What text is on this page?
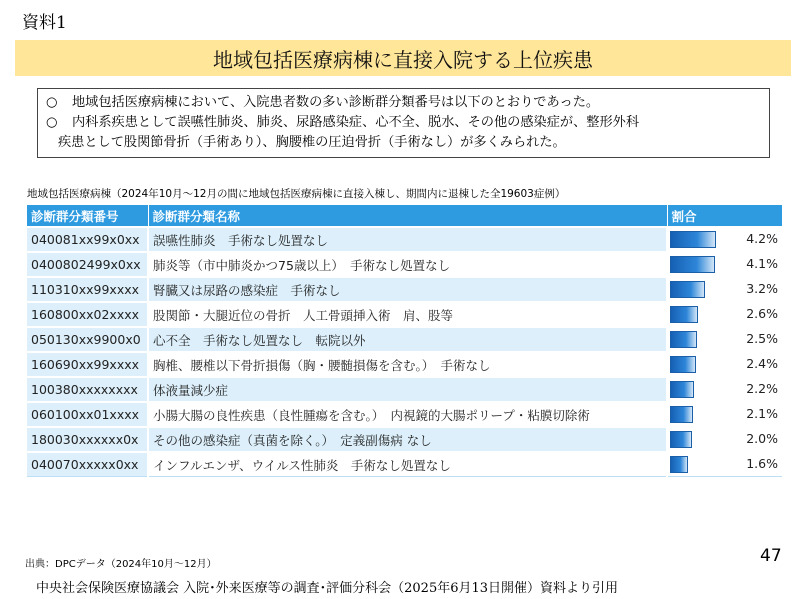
資料1
地域包括医療病棟に直接入院する上位疾患
○	地域包括医療病棟において、入院患者数の多い診断群分類番号は以下のとおりであった。
○	内科系疾患として誤嚥性肺炎、肺炎、尿路感染症、心不全、脱水、その他の感染症が、整形外科
疾患として股関節骨折（手術あり）、胸腰椎の圧迫骨折（手術なし）が多くみられた。
地域包括医療病棟（2024年10月～12月の間に地域包括医療病棟に直接入棟し、期間内に退棟した全19603症例）
診断群分類番号	診断群分類名称	割合
040081xx99x0xx	誤嚥性肺炎　手術なし処置なし	4.2%

0400802499x0xx	肺炎等（市中肺炎かつ75歳以上）　手術なし処置なし	4.1%

110310xx99xxxx	腎臓又は尿路の感染症　手術なし	3.2%

160800xx02xxxx	股関節・大腿近位の骨折　人工骨頭挿入術　肩、股等	2.6%

050130xx9900x0	心不全　手術なし処置なし　転院以外	2.5%

160690xx99xxxx	胸椎、腰椎以下骨折損傷（胸・腰髄損傷を含む。）　手術なし	2.4%

100380xxxxxxxx	体液量減少症	2.2%

060100xx01xxxx	小腸大腸の良性疾患（良性腫瘍を含む。）　内視鏡的大腸ポリープ・粘膜切除術	2.1%

180030xxxxxx0x	その他の感染症（真菌を除く。）　定義副傷病 なし	2.0%

040070xxxxx0xx	インフルエンザ、ウイルス性肺炎　手術なし処置なし	1.6%
出典：DPCデータ（2024年10月～12月）	47
中央社会保険医療協議会 入院･外来医療等の調査･評価分科会（2025年6月13日開催）資料より引用
